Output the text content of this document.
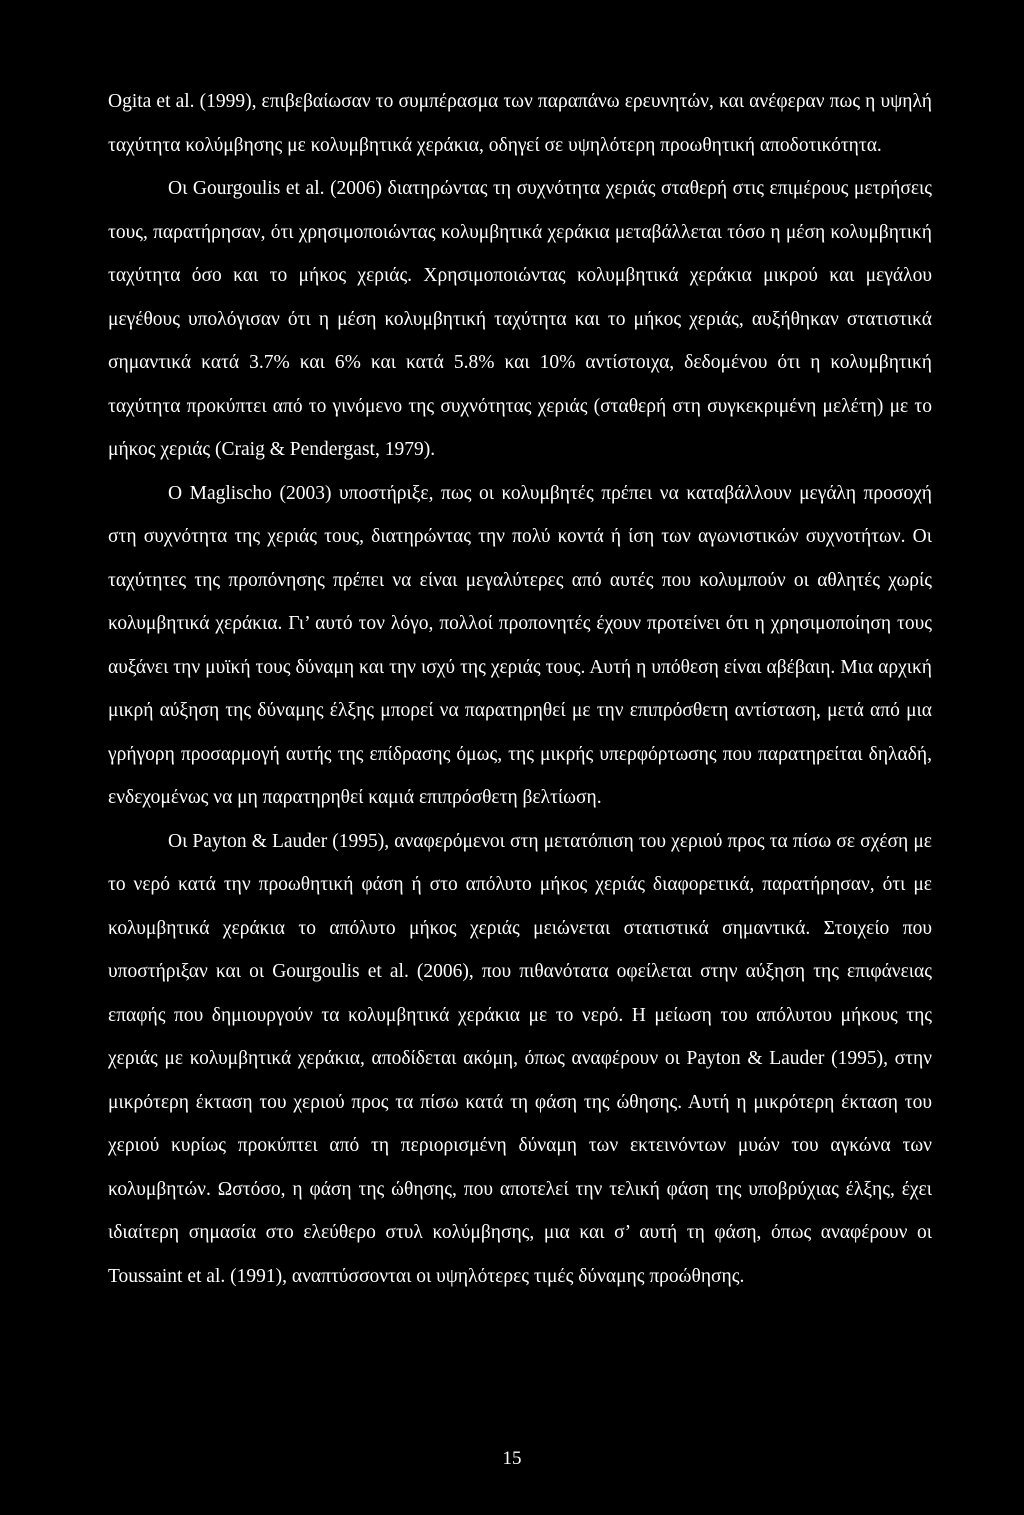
Ogita et al. (1999), επιβεβαίωσαν το συμπέρασμα των παραπάνω ερευνητών, και ανέφεραν πως η υψηλή ταχύτητα κολύμβησης με κολυμβητικά χεράκια, οδηγεί σε υψηλότερη προωθητική αποδοτικότητα.

Οι Gourgoulis et al. (2006) διατηρώντας τη συχνότητα χεριάς σταθερή στις επιμέρους μετρήσεις τους, παρατήρησαν, ότι χρησιμοποιώντας κολυμβητικά χεράκια μεταβάλλεται τόσο η μέση κολυμβητική ταχύτητα όσο και το μήκος χεριάς. Χρησιμοποιώντας κολυμβητικά χεράκια μικρού και μεγάλου μεγέθους υπολόγισαν ότι η μέση κολυμβητική ταχύτητα και το μήκος χεριάς, αυξήθηκαν στατιστικά σημαντικά κατά 3.7% και 6% και κατά 5.8% και 10% αντίστοιχα, δεδομένου ότι η κολυμβητική ταχύτητα προκύπτει από το γινόμενο της συχνότητας χεριάς (σταθερή στη συγκεκριμένη μελέτη) με το μήκος χεριάς (Craig & Pendergast, 1979).

Ο Maglischo (2003) υποστήριξε, πως οι κολυμβητές πρέπει να καταβάλλουν μεγάλη προσοχή στη συχνότητα της χεριάς τους, διατηρώντας την πολύ κοντά ή ίση των αγωνιστικών συχνοτήτων. Οι ταχύτητες της προπόνησης πρέπει να είναι μεγαλύτερες από αυτές που κολυμπούν οι αθλητές χωρίς κολυμβητικά χεράκια. Γι’ αυτό τον λόγο, πολλοί προπονητές έχουν προτείνει ότι η χρησιμοποίηση τους αυξάνει την μυϊκή τους δύναμη και την ισχύ της χεριάς τους. Αυτή η υπόθεση είναι αβέβαιη. Μια αρχική μικρή αύξηση της δύναμης έλξης μπορεί να παρατηρηθεί με την επιπρόσθετη αντίσταση, μετά από μια γρήγορη προσαρμογή αυτής της επίδρασης όμως, της μικρής υπερφόρτωσης που παρατηρείται δηλαδή, ενδεχομένως να μη παρατηρηθεί καμιά επιπρόσθετη βελτίωση.

Οι Payton & Lauder (1995), αναφερόμενοι στη μετατόπιση του χεριού προς τα πίσω σε σχέση με το νερό κατά την προωθητική φάση ή στο απόλυτο μήκος χεριάς διαφορετικά, παρατήρησαν, ότι με κολυμβητικά χεράκια το απόλυτο μήκος χεριάς μειώνεται στατιστικά σημαντικά. Στοιχείο που υποστήριξαν και οι Gourgoulis et al. (2006), που πιθανότατα οφείλεται στην αύξηση της επιφάνειας επαφής που δημιουργούν τα κολυμβητικά χεράκια με το νερό. Η μείωση του απόλυτου μήκους της χεριάς με κολυμβητικά χεράκια, αποδίδεται ακόμη, όπως αναφέρουν οι Payton & Lauder (1995), στην μικρότερη έκταση του χεριού προς τα πίσω κατά τη φάση της ώθησης. Αυτή η μικρότερη έκταση του χεριού κυρίως προκύπτει από τη περιορισμένη δύναμη των εκτεινόντων μυών του αγκώνα των κολυμβητών. Ωστόσο, η φάση της ώθησης, που αποτελεί την τελική φάση της υποβρύχιας έλξης, έχει ιδιαίτερη σημασία στο ελεύθερο στυλ κολύμβησης, μια και σ’ αυτή τη φάση, όπως αναφέρουν οι Toussaint et al. (1991), αναπτύσσονται οι υψηλότερες τιμές δύναμης προώθησης.

15
